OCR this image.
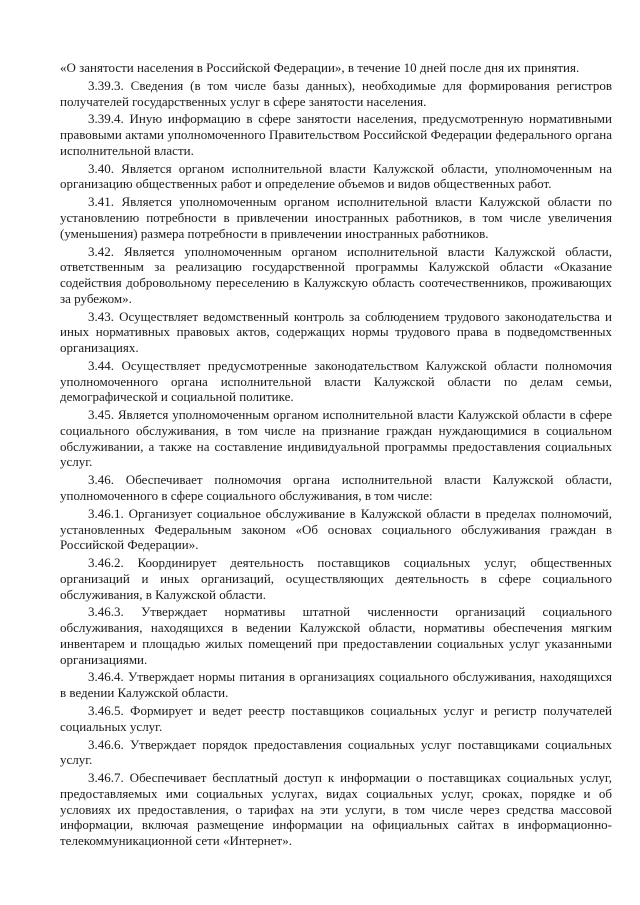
«О занятости населения в Российской Федерации», в течение 10 дней после дня их принятия.

3.39.3. Сведения (в том числе базы данных), необходимые для формирования регистров получателей государственных услуг в сфере занятости населения.

3.39.4. Иную информацию в сфере занятости населения, предусмотренную нормативными правовыми актами уполномоченного Правительством Российской Федерации федерального органа исполнительной власти.

3.40. Является органом исполнительной власти Калужской области, уполномоченным на организацию общественных работ и определение объемов и видов общественных работ.

3.41. Является уполномоченным органом исполнительной власти Калужской области по установлению потребности в привлечении иностранных работников, в том числе увеличения (уменьшения) размера потребности в привлечении иностранных работников.

3.42. Является уполномоченным органом исполнительной власти Калужской области, ответственным за реализацию государственной программы Калужской области «Оказание содействия добровольному переселению в Калужскую область соотечественников, проживающих за рубежом».

3.43. Осуществляет ведомственный контроль за соблюдением трудового законодательства и иных нормативных правовых актов, содержащих нормы трудового права в подведомственных организациях.

3.44. Осуществляет предусмотренные законодательством Калужской области полномочия уполномоченного органа исполнительной власти Калужской области по делам семьи, демографической и социальной политике.

3.45. Является уполномоченным органом исполнительной власти Калужской области в сфере социального обслуживания, в том числе на признание граждан нуждающимися в социальном обслуживании, а также на составление индивидуальной программы предоставления социальных услуг.

3.46. Обеспечивает полномочия органа исполнительной власти Калужской области, уполномоченного в сфере социального обслуживания, в том числе:

3.46.1. Организует социальное обслуживание в Калужской области в пределах полномочий, установленных Федеральным законом «Об основах социального обслуживания граждан в Российской Федерации».

3.46.2. Координирует деятельность поставщиков социальных услуг, общественных организаций и иных организаций, осуществляющих деятельность в сфере социального обслуживания, в Калужской области.

3.46.3. Утверждает нормативы штатной численности организаций социального обслуживания, находящихся в ведении Калужской области, нормативы обеспечения мягким инвентарем и площадью жилых помещений при предоставлении социальных услуг указанными организациями.

3.46.4. Утверждает нормы питания в организациях социального обслуживания, находящихся в ведении Калужской области.

3.46.5. Формирует и ведет реестр поставщиков социальных услуг и регистр получателей социальных услуг.

3.46.6. Утверждает порядок предоставления социальных услуг поставщиками социальных услуг.

3.46.7. Обеспечивает бесплатный доступ к информации о поставщиках социальных услуг, предоставляемых ими социальных услугах, видах социальных услуг, сроках, порядке и об условиях их предоставления, о тарифах на эти услуги, в том числе через средства массовой информации, включая размещение информации на официальных сайтах в информационно-телекоммуникационной сети «Интернет».
